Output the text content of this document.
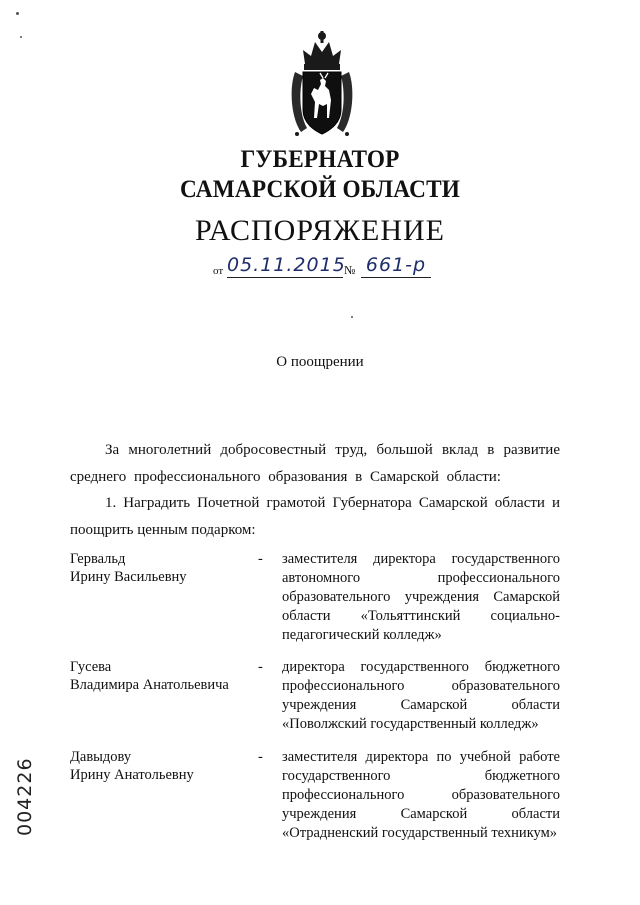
ГУБЕРНАТОР
САМАРСКОЙ ОБЛАСТИ
РАСПОРЯЖЕНИЕ
от 05.11.2015
№ 661-р
О поощрении
За многолетний добросовестный труд, большой вклад в развитие среднего профессионального образования в Самарской области:
1. Наградить Почетной грамотой Губернатора Самарской области и поощрить ценным подарком:
Гервальд
Ирину Васильевну
- заместителя директора государственного автономного профессионального образовательного учреждения Самарской области «Тольяттинский социально-педагогический колледж»
Гусева
Владимира Анатольевича
- директора государственного бюджетного профессионального образовательного учреждения Самарской области «Поволжский государственный колледж»
Давыдову
Ирину Анатольевну
- заместителя директора по учебной работе государственного бюджетного профессионального образовательного учреждения Самарской области «Отрадненский государственный техникум»
004226
